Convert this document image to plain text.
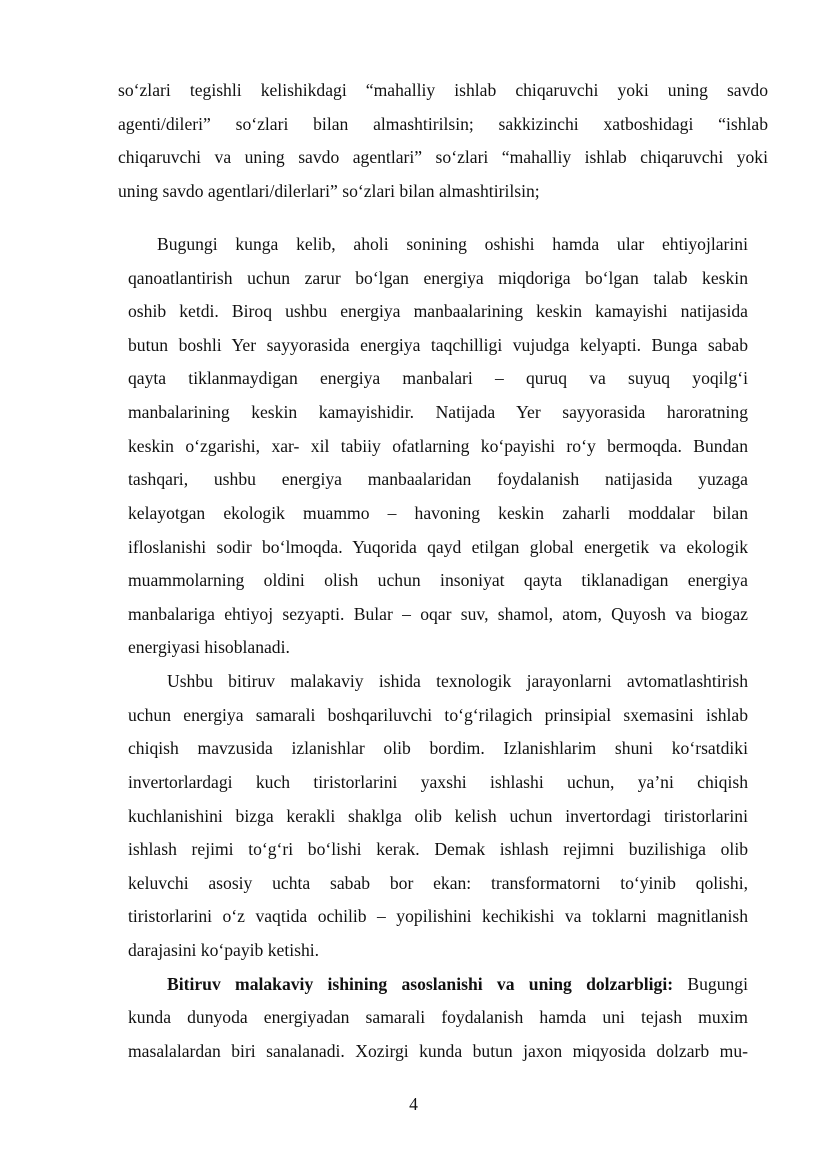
so‘zlari tegishli kelishikdagi “mahalliy ishlab chiqaruvchi yoki uning savdo

agenti/dileri” so‘zlari bilan almashtirilsin; sakkizinchi xatboshidagi “ishlab

chiqaruvchi va uning savdo agentlari” so‘zlari “mahalliy ishlab chiqaruvchi yoki

uning savdo agentlari/dilerlari” so‘zlari bilan almashtirilsin;

Bugungi kunga kelib, aholi sonining oshishi hamda ular ehtiyojlarini

qanoatlantirish uchun zarur bo‘lgan energiya miqdoriga bo‘lgan talab keskin

oshib ketdi. Biroq ushbu energiya manbaalarining keskin kamayishi natijasida

butun boshli Yer sayyorasida energiya taqchilligi vujudga kelyapti. Bunga sabab

qayta tiklanmaydigan energiya manbalari – quruq va suyuq yoqilg‘i

manbalarining keskin kamayishidir. Natijada Yer sayyorasida haroratning

keskin o‘zgarishi, xar- xil tabiiy ofatlarning ko‘payishi ro‘y bermoqda. Bundan

tashqari, ushbu energiya manbaalaridan foydalanish natijasida yuzaga

kelayotgan ekologik muammo – havoning keskin zaharli moddalar bilan

ifloslanishi sodir bo‘lmoqda. Yuqorida qayd etilgan global energetik va ekologik

muammolarning oldini olish uchun insoniyat qayta tiklanadigan energiya

manbalariga ehtiyoj sezyapti. Bular – oqar suv, shamol, atom, Quyosh va biogaz

energiyasi hisoblanadi.

Ushbu bitiruv malakaviy ishida texnologik jarayonlarni avtomatlashtirish

uchun energiya samarali boshqariluvchi to‘g‘rilagich prinsipial sxemasini ishlab

chiqish mavzusida izlanishlar olib bordim. Izlanishlarim shuni ko‘rsatdiki

invertorlardagi kuch tiristorlarini yaxshi ishlashi uchun, ya’ni chiqish

kuchlanishini bizga kerakli shaklga olib kelish uchun invertordagi tiristorlarini

ishlash rejimi to‘g‘ri bo‘lishi kerak. Demak ishlash rejimni buzilishiga olib

keluvchi asosiy uchta sabab bor ekan: transformatorni to‘yinib qolishi,

tiristorlarini o‘z vaqtida ochilib – yopilishini kechikishi va toklarni magnitlanish

darajasini ko‘payib ketishi.

Bitiruv malakaviy ishining asoslanishi va uning dolzarbligi: Bugungi

kunda dunyoda energiyadan samarali foydalanish hamda uni tejash muxim

masalalardan biri sanalanadi. Xozirgi kunda butun jaxon miqyosida dolzarb mu-

4
